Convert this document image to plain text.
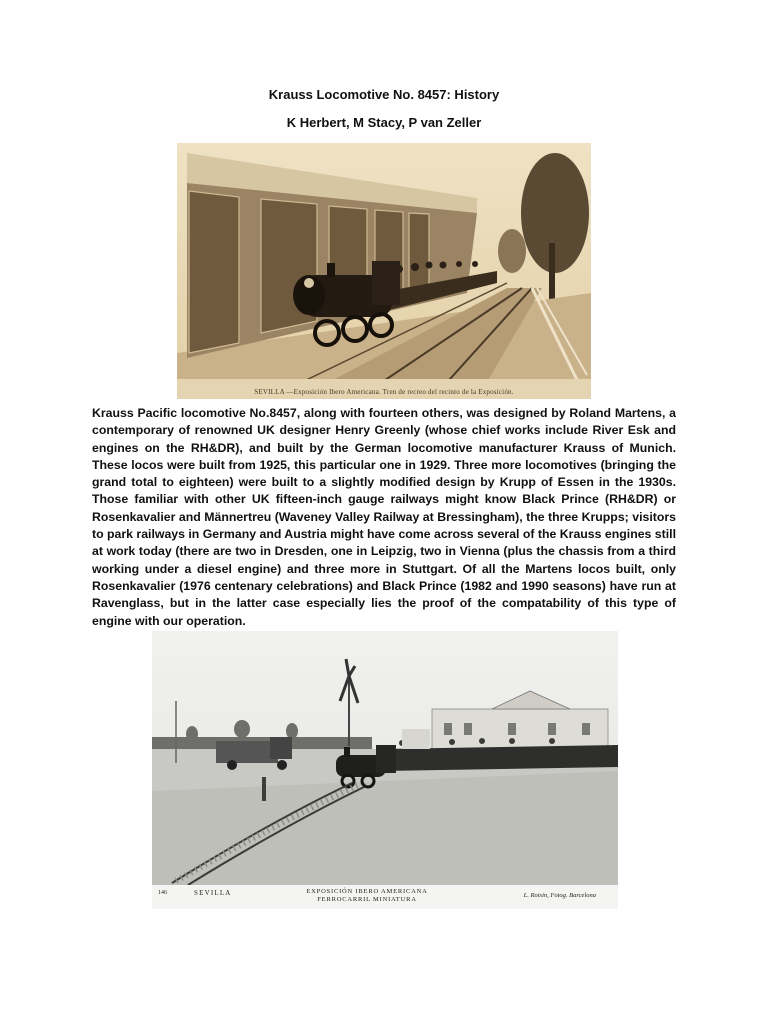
Krauss Locomotive No. 8457: History

K Herbert, M Stacy, P van Zeller

SEVILLA —Exposición Ibero Americana. Tren de recreo del recinto de la Exposición.

Krauss Pacific locomotive No.8457, along with fourteen others, was designed by Roland Martens, a contemporary of renowned UK designer Henry Greenly (whose chief works include River Esk and engines on the RH&DR), and built by the German locomotive manufacturer Krauss of Munich. These locos were built from 1925, this particular one in 1929. Three more locomotives (bringing the grand total to eighteen) were built to a slightly modified design by Krupp of Essen in the 1930s. Those familiar with other UK fifteen-inch gauge railways might know Black Prince (RH&DR) or Rosenkavalier and Männertreu (Waveney Valley Railway at Bressingham), the three Krupps; visitors to park railways in Germany and Austria might have come across several of the Krauss engines still at work today (there are two in Dresden, one in Leipzig, two in Vienna (plus the chassis from a third working under a diesel engine) and three more in Stuttgart. Of all the Martens locos built, only Rosenkavalier (1976 centenary celebrations) and Black Prince (1982 and 1990 seasons) have run at Ravenglass, but in the latter case especially lies the proof of the compatability of this type of engine with our operation.

146	SEVILLA	EXPOSICIÓN IBERO AMERICANA
FERROCARRIL MINIATURA
L. Roisin, Fotog. Barcelona
